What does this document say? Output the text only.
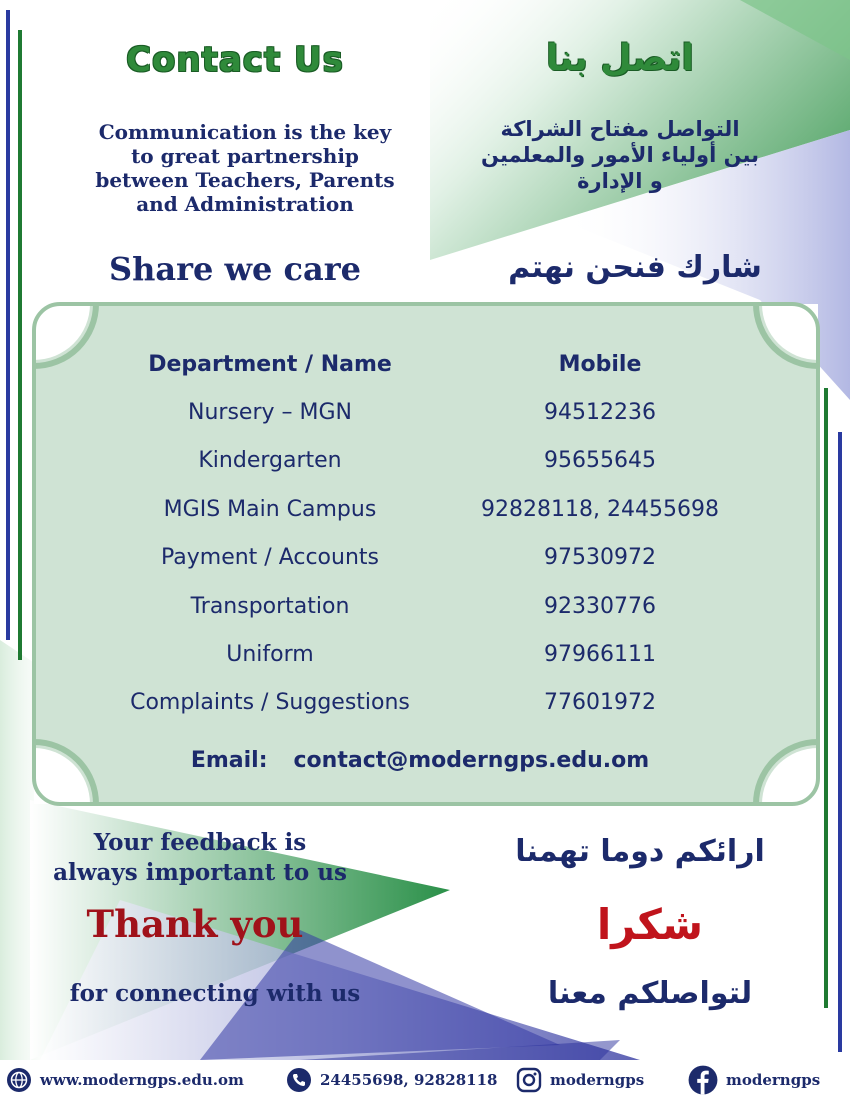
Contact Us	اتصل بنا
Communication is the key
to great partnership
between Teachers, Parents
and Administration
التواصل مفتاح الشراكة
بين أولياء الأمور والمعلمين
و الإدارة
Share we care	شارك فنحن نهتم
Department / Name	Mobile
Nursery – MGN	94512236
Kindergarten	95655645
MGIS Main Campus	92828118, 24455698
Payment / Accounts	97530972
Transportation	92330776
Uniform	97966111
Complaints / Suggestions	77601972
Email: contact@moderngps.edu.om
Your feedback is
always important to us
Thank you
for connecting with us
ارائكم دوما تهمنا
شكرا
لتواصلكم معنا
www.moderngps.edu.om	24455698, 92828118	moderngps	moderngps
